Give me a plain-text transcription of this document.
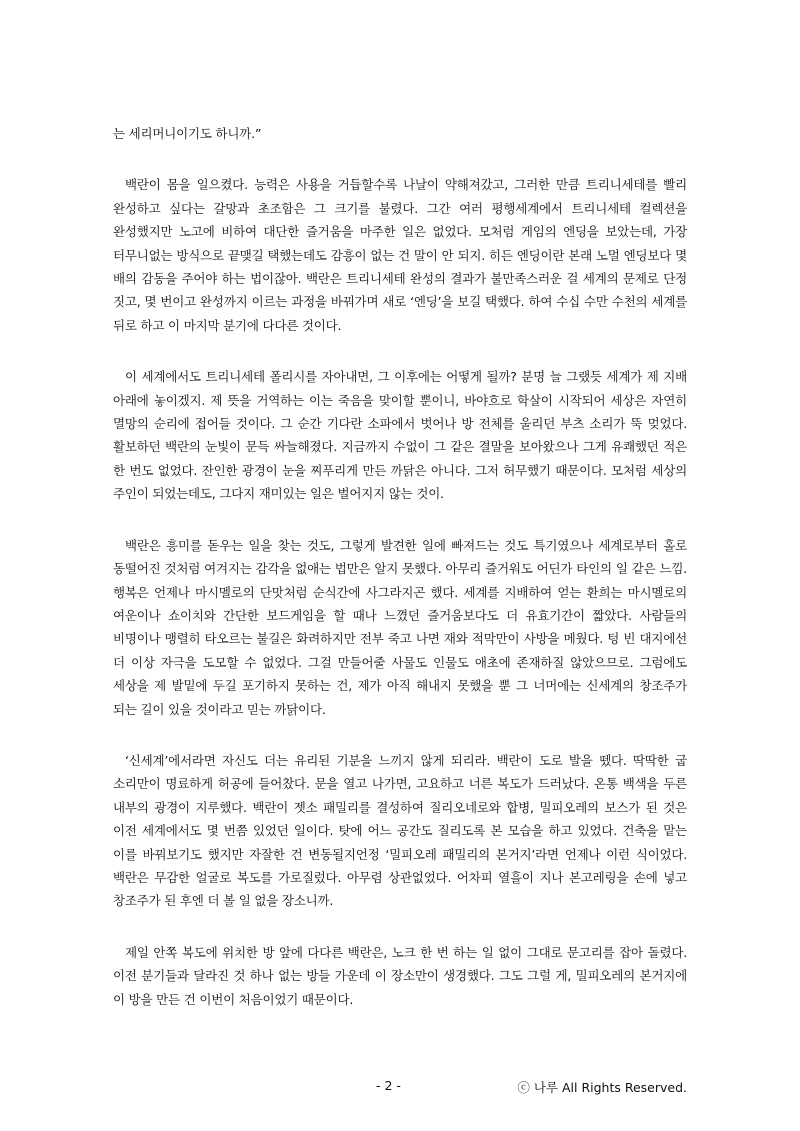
는 세리머니이기도 하니까.”

백란이 몸을 일으켰다. 능력은 사용을 거듭할수록 나날이 약해져갔고, 그러한 만큼 트리니세테를 빨리 완성하고 싶다는 갈망과 초조함은 그 크기를 불렸다. 그간 여러 평행세계에서 트리니세테 컬렉션을 완성했지만 노고에 비하여 대단한 즐거움을 마주한 일은 없었다. 모처럼 게임의 엔딩을 보았는데, 가장 터무니없는 방식으로 끝맺길 택했는데도 감흥이 없는 건 말이 안 되지. 히든 엔딩이란 본래 노멀 엔딩보다 몇 배의 감동을 주어야 하는 법이잖아. 백란은 트리니세테 완성의 결과가 불만족스러운 걸 세계의 문제로 단정 짓고, 몇 번이고 완성까지 이르는 과정을 바꿔가며 새로 ‘엔딩’을 보길 택했다. 하여 수십 수만 수천의 세계를 뒤로 하고 이 마지막 분기에 다다른 것이다.

이 세계에서도 트리니세테 폴리시를 자아내면, 그 이후에는 어떻게 될까? 분명 늘 그랬듯 세계가 제 지배 아래에 놓이겠지. 제 뜻을 거역하는 이는 죽음을 맞이할 뿐이니, 바야흐로 학살이 시작되어 세상은 자연히 멸망의 순리에 접어들 것이다. 그 순간 기다란 소파에서 벗어나 방 전체를 울리던 부츠 소리가 뚝 멎었다. 활보하던 백란의 눈빛이 문득 싸늘해졌다. 지금까지 수없이 그 같은 결말을 보아왔으나 그게 유쾌했던 적은 한 번도 없었다. 잔인한 광경이 눈을 찌푸리게 만든 까닭은 아니다. 그저 허무했기 때문이다. 모처럼 세상의 주인이 되었는데도, 그다지 재미있는 일은 벌어지지 않는 것이.

백란은 흥미를 돋우는 일을 찾는 것도, 그렇게 발견한 일에 빠져드는 것도 특기였으나 세계로부터 홀로 동떨어진 것처럼 여겨지는 감각을 없애는 법만은 알지 못했다. 아무리 즐거워도 어딘가 타인의 일 같은 느낌. 행복은 언제나 마시멜로의 단맛처럼 순식간에 사그라지곤 했다. 세계를 지배하여 얻는 환희는 마시멜로의 여운이나 쇼이치와 간단한 보드게임을 할 때나 느꼈던 즐거움보다도 더 유효기간이 짧았다. 사람들의 비명이나 맹렬히 타오르는 불길은 화려하지만 전부 죽고 나면 재와 적막만이 사방을 메웠다. 텅 빈 대지에선 더 이상 자극을 도모할 수 없었다. 그걸 만들어줄 사물도 인물도 애초에 존재하질 않았으므로. 그럼에도 세상을 제 발밑에 두길 포기하지 못하는 건, 제가 아직 해내지 못했을 뿐 그 너머에는 신세계의 창조주가 되는 길이 있을 것이라고 믿는 까닭이다.

‘신세계’에서라면 자신도 더는 유리된 기분을 느끼지 않게 되리라. 백란이 도로 발을 뗐다. 딱딱한 굽 소리만이 명료하게 허공에 들어찼다. 문을 열고 나가면, 고요하고 너른 복도가 드러났다. 온통 백색을 두른 내부의 광경이 지루했다. 백란이 젯소 패밀리를 결성하여 질리오네로와 합병, 밀피오레의 보스가 된 것은 이전 세계에서도 몇 번쯤 있었던 일이다. 탓에 어느 공간도 질리도록 본 모습을 하고 있었다. 건축을 맡는 이를 바꿔보기도 했지만 자잘한 건 변동될지언정 ‘밀피오레 패밀리의 본거지’라면 언제나 이런 식이었다. 백란은 무감한 얼굴로 복도를 가로질렀다. 아무렴 상관없었다. 어차피 열흘이 지나 본고레링을 손에 넣고 창조주가 된 후엔 더 볼 일 없을 장소니까.

제일 안쪽 복도에 위치한 방 앞에 다다른 백란은, 노크 한 번 하는 일 없이 그대로 문고리를 잡아 돌렸다. 이전 분기들과 달라진 것 하나 없는 방들 가운데 이 장소만이 생경했다. 그도 그럴 게, 밀피오레의 본거지에 이 방을 만든 건 이번이 처음이었기 때문이다.

- 2 -	ⓒ 나루 All Rights Reserved.
